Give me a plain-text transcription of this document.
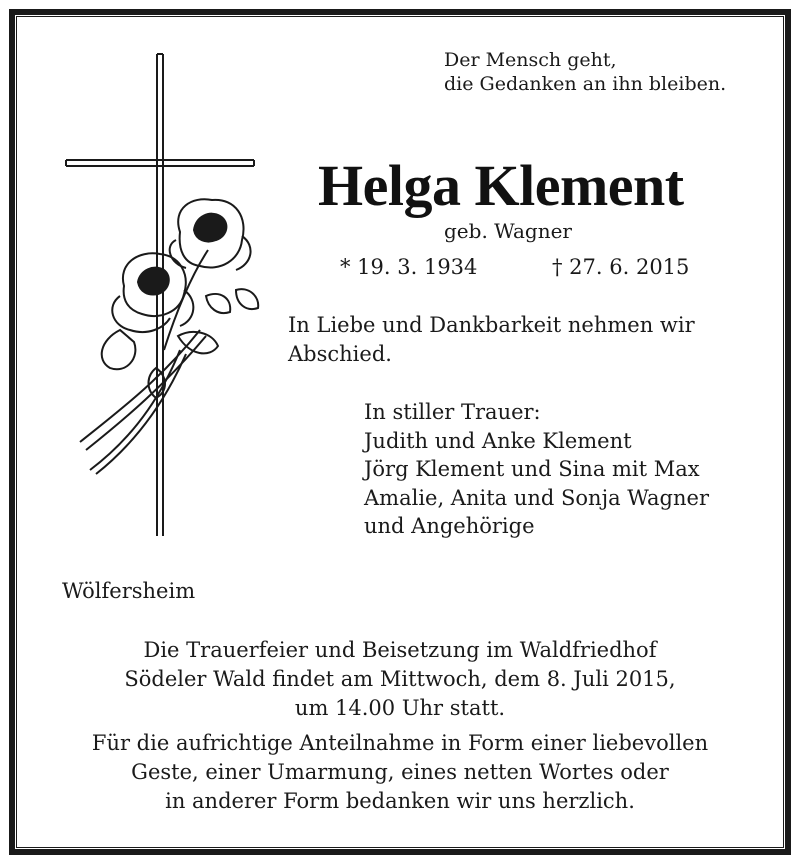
Der Mensch geht,
die Gedanken an ihn bleiben.
Helga Klement
geb. Wagner
* 19. 3. 1934	† 27. 6. 2015
In Liebe und Dankbarkeit nehmen wir
Abschied.
In stiller Trauer:
Judith und Anke Klement
Jörg Klement und Sina mit Max
Amalie, Anita und Sonja Wagner
und Angehörige
Wölfersheim
Die Trauerfeier und Beisetzung im Waldfriedhof
Södeler Wald findet am Mittwoch, dem 8. Juli 2015,
um 14.00 Uhr statt.
Für die aufrichtige Anteilnahme in Form einer liebevollen
Geste, einer Umarmung, eines netten Wortes oder
in anderer Form bedanken wir uns herzlich.
